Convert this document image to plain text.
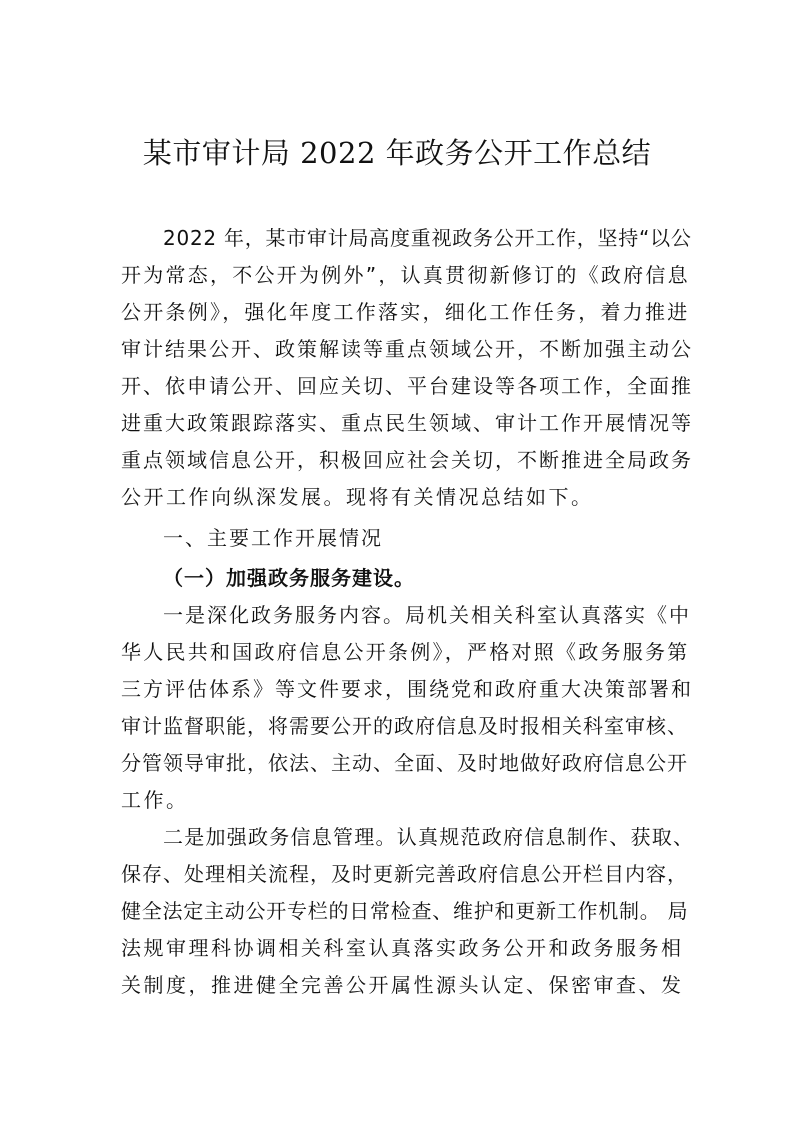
某市审计局 2022 年政务公开工作总结
2022 年，某市审计局高度重视政务公开工作，坚持“以公
开为常态，不公开为例外”，认真贯彻新修订的《政府信息
公开条例》，强化年度工作落实，细化工作任务，着力推进
审计结果公开、政策解读等重点领域公开，不断加强主动公
开、依申请公开、回应关切、平台建设等各项工作，全面推
进重大政策跟踪落实、重点民生领域、审计工作开展情况等
重点领域信息公开，积极回应社会关切，不断推进全局政务
公开工作向纵深发展。现将有关情况总结如下。
一、主要工作开展情况
（一）加强政务服务建设。
一是深化政务服务内容。局机关相关科室认真落实《中
华人民共和国政府信息公开条例》，严格对照《政务服务第
三方评估体系》等文件要求，围绕党和政府重大决策部署和
审计监督职能，将需要公开的政府信息及时报相关科室审核、
分管领导审批，依法、主动、全面、及时地做好政府信息公开
工作。
二是加强政务信息管理。认真规范政府信息制作、获取、
保存、处理相关流程，及时更新完善政府信息公开栏目内容，
健全法定主动公开专栏的日常检查、维护和更新工作机制。 局
法规审理科协调相关科室认真落实政务公开和政务服务相
关制度，推进健全完善公开属性源头认定、保密审查、发
